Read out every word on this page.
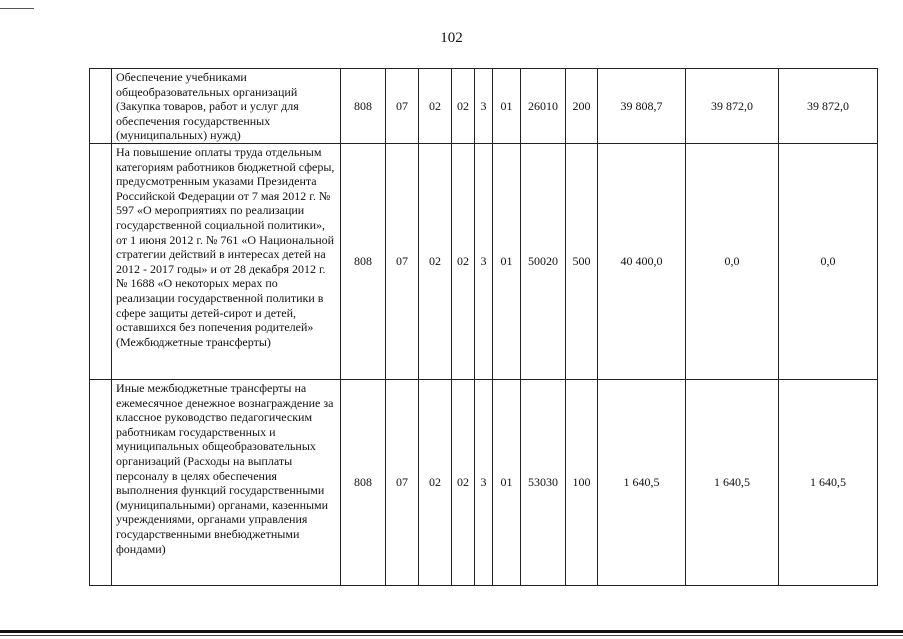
102
	Обеспечение учебниками общеобразовательных организаций (Закупка товаров, работ и услуг для обеспечения государственных (муниципальных) нужд)	808	07	02	02	3	01	26010	200	39 808,7	39 872,0	39 872,0
	На повышение оплаты труда отдельным категориям работников бюджетной сферы, предусмотренным указами Президента Российской Федерации от 7 мая 2012 г. № 597 «О мероприятиях по реализации государственной социальной политики», от 1 июня 2012 г. № 761 «О Национальной стратегии действий в интересах детей на 2012 - 2017 годы» и от 28 декабря 2012 г. № 1688 «О некоторых мерах по реализации государственной политики в сфере защиты детей-сирот и детей, оставшихся без попечения родителей» (Межбюджетные трансферты)	808	07	02	02	3	01	50020	500	40 400,0	0,0	0,0
	Иные межбюджетные трансферты на ежемесячное денежное вознаграждение за классное руководство педагогическим работникам государственных и муниципальных общеобразовательных организаций (Расходы на выплаты персоналу в целях обеспечения выполнения функций государственными (муниципальными) органами, казенными учреждениями, органами управления государственными внебюджетными фондами)	808	07	02	02	3	01	53030	100	1 640,5	1 640,5	1 640,5
